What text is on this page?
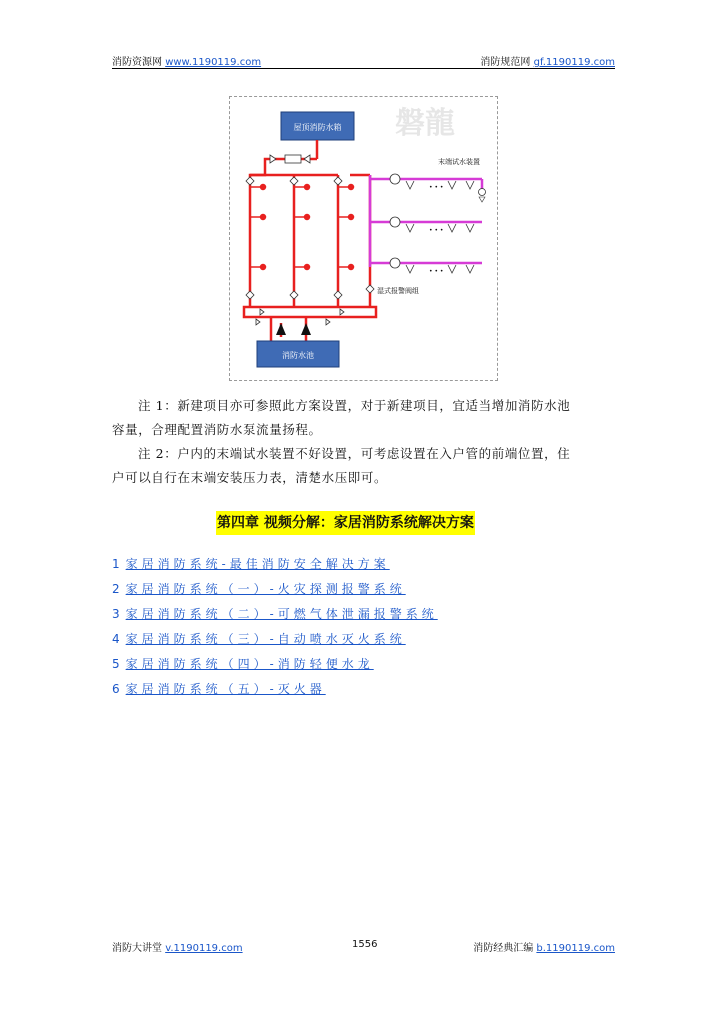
消防资源网 www.1190119.com	消防规范网 gf.1190119.com
磐龍
屋顶消防水箱
消防水池
• • •
• • •
• • •
末端试水装置
湿式报警阀组
注 1：新建项目亦可参照此方案设置，对于新建项目，宜适当增加消防水池
容量，合理配置消防水泵流量扬程。
注 2：户内的末端试水装置不好设置，可考虑设置在入户管的前端位置，住
户可以自行在末端安装压力表，清楚水压即可。
第四章 视频分解：家居消防系统解决方案
1 家居消防系统-最佳消防安全解决方案
2 家居消防系统（一）-火灾探测报警系统
3 家居消防系统（二）-可燃气体泄漏报警系统
4 家居消防系统（三）-自动喷水灭火系统
5 家居消防系统（四）-消防轻便水龙
6 家居消防系统（五）-灭火器
消防大讲堂 v.1190119.com	1556	消防经典汇编 b.1190119.com
